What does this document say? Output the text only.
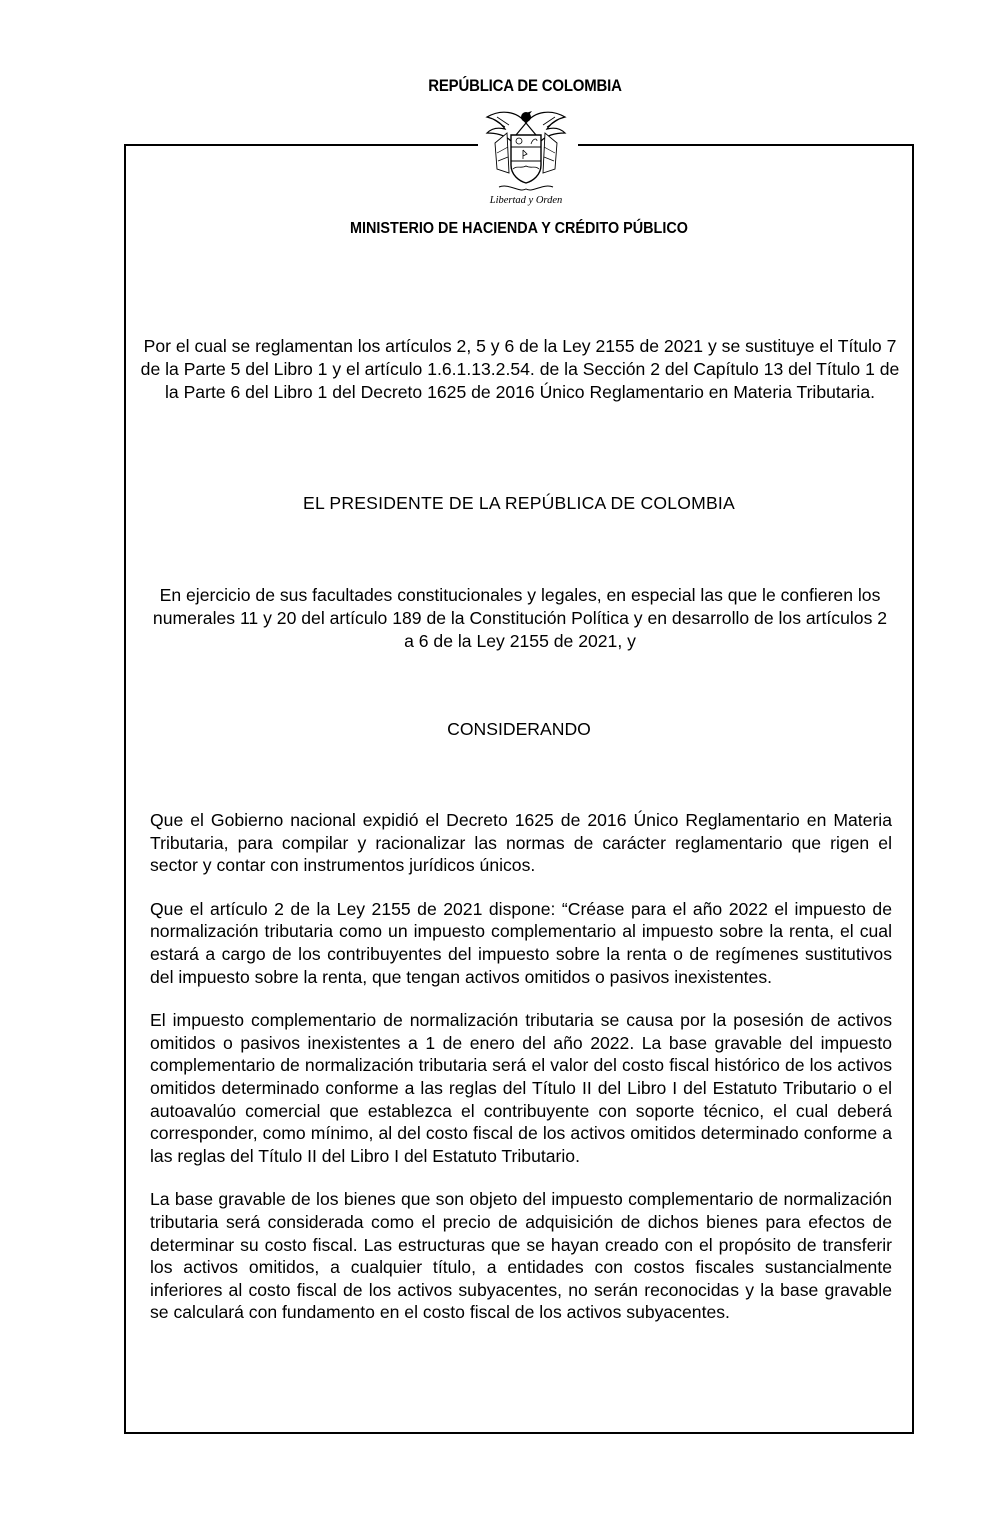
REPÚBLICA DE COLOMBIA
Libertad y Orden
MINISTERIO DE HACIENDA Y CRÉDITO PÚBLICO
Por el cual se reglamentan los artículos 2, 5 y 6 de la Ley 2155 de 2021 y se sustituye el Título 7 de la Parte 5 del Libro 1 y el artículo 1.6.1.13.2.54. de la Sección 2 del Capítulo 13 del Título 1 de la Parte 6 del Libro 1 del Decreto 1625 de 2016 Único Reglamentario en Materia Tributaria.
EL PRESIDENTE DE LA REPÚBLICA DE COLOMBIA
En ejercicio de sus facultades constitucionales y legales, en especial las que le confieren los numerales 11 y 20 del artículo 189 de la Constitución Política y en desarrollo de los artículos 2 a 6 de la Ley 2155 de 2021, y
CONSIDERANDO

Que el Gobierno nacional expidió el Decreto 1625 de 2016 Único Reglamentario en Materia Tributaria, para compilar y racionalizar las normas de carácter reglamentario que rigen el sector y contar con instrumentos jurídicos únicos.

Que el artículo 2 de la Ley 2155 de 2021 dispone: “Créase para el año 2022 el impuesto de normalización tributaria como un impuesto complementario al impuesto sobre la renta, el cual estará a cargo de los contribuyentes del impuesto sobre la renta o de regímenes sustitutivos del impuesto sobre la renta, que tengan activos omitidos o pasivos inexistentes.

El impuesto complementario de normalización tributaria se causa por la posesión de activos omitidos o pasivos inexistentes a 1 de enero del año 2022. La base gravable del impuesto complementario de normalización tributaria será el valor del costo fiscal histórico de los activos omitidos determinado conforme a las reglas del Título II del Libro I del Estatuto Tributario o el autoavalúo comercial que establezca el contribuyente con soporte técnico, el cual deberá corresponder, como mínimo, al del costo fiscal de los activos omitidos determinado conforme a las reglas del Título II del Libro I del Estatuto Tributario.

La base gravable de los bienes que son objeto del impuesto complementario de normalización tributaria será considerada como el precio de adquisición de dichos bienes para efectos de determinar su costo fiscal. Las estructuras que se hayan creado con el propósito de transferir los activos omitidos, a cualquier título, a entidades con costos fiscales sustancialmente inferiores al costo fiscal de los activos subyacentes, no serán reconocidas y la base gravable se calculará con fundamento en el costo fiscal de los activos subyacentes.
